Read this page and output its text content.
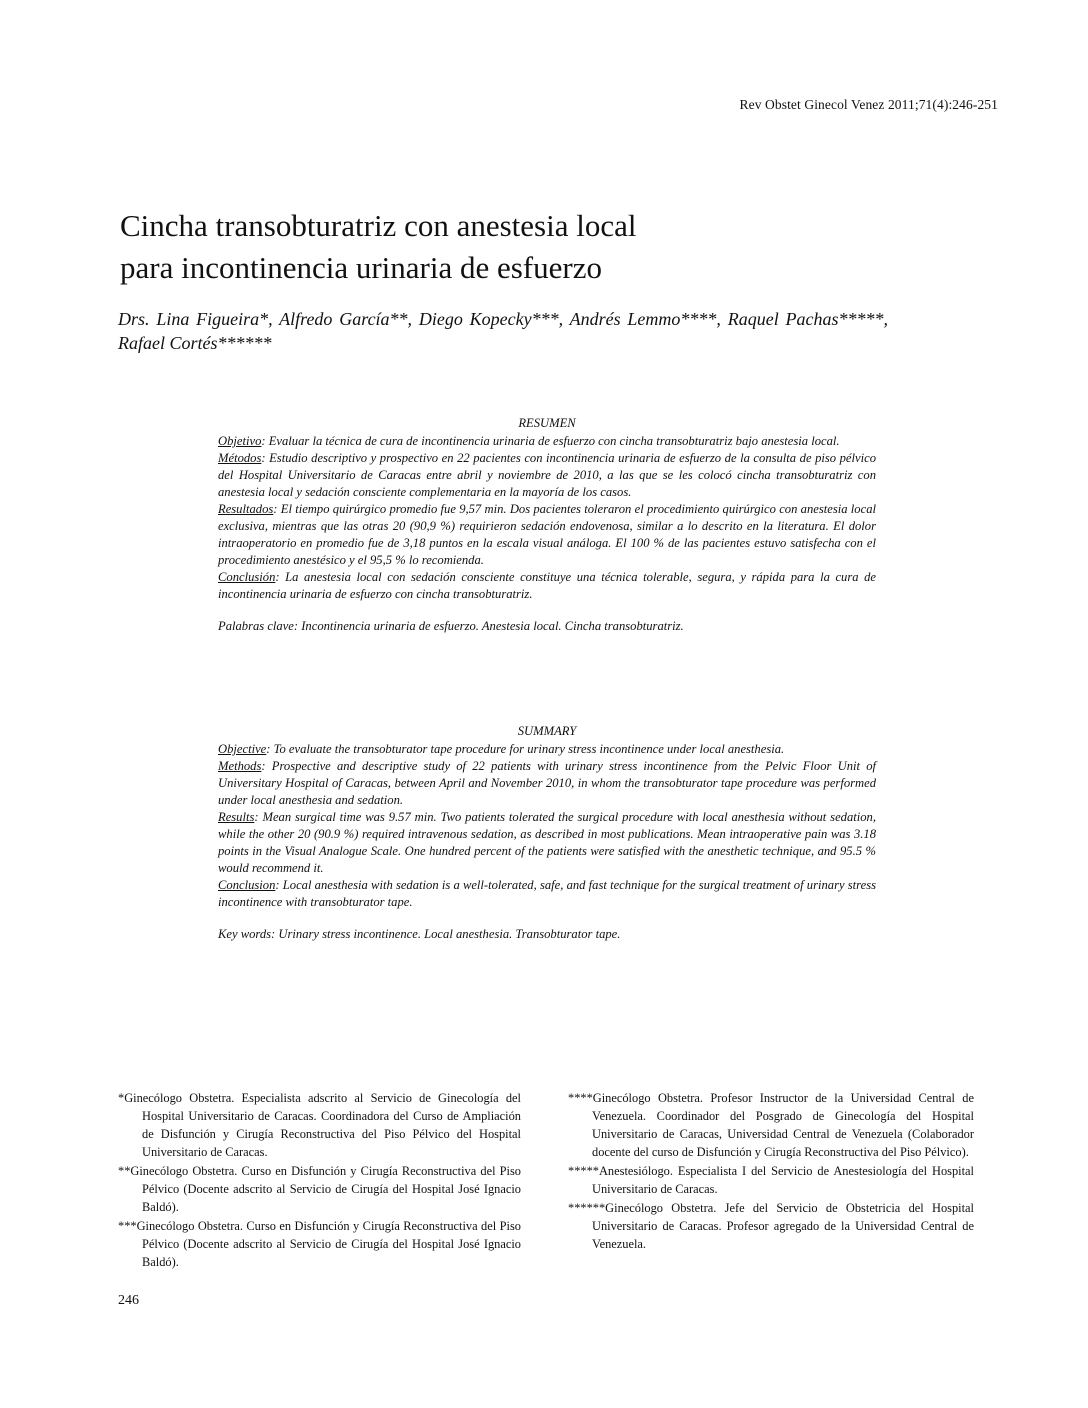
Rev Obstet Ginecol Venez 2011;71(4):246-251
Cincha transobturatriz con anestesia local
para incontinencia urinaria de esfuerzo
Drs. Lina Figueira*, Alfredo García**, Diego Kopecky***, Andrés Lemmo****, Raquel Pachas*****, Rafael Cortés******
RESUMEN

Objetivo: Evaluar la técnica de cura de incontinencia urinaria de esfuerzo con cincha transobturatriz bajo anestesia local.

Métodos: Estudio descriptivo y prospectivo en 22 pacientes con incontinencia urinaria de esfuerzo de la consulta de piso pélvico del Hospital Universitario de Caracas entre abril y noviembre de 2010, a las que se les colocó cincha transobturatriz con anestesia local y sedación consciente complementaria en la mayoría de los casos.

Resultados: El tiempo quirúrgico promedio fue 9,57 min. Dos pacientes toleraron el procedimiento quirúrgico con anestesia local exclusiva, mientras que las otras 20 (90,9 %) requirieron sedación endovenosa, similar a lo descrito en la literatura. El dolor intraoperatorio en promedio fue de 3,18 puntos en la escala visual análoga. El 100 % de las pacientes estuvo satisfecha con el procedimiento anestésico y el 95,5 % lo recomienda.

Conclusión: La anestesia local con sedación consciente constituye una técnica tolerable, segura, y rápida para la cura de incontinencia urinaria de esfuerzo con cincha transobturatriz.

Palabras clave: Incontinencia urinaria de esfuerzo. Anestesia local. Cincha transobturatriz.

SUMMARY

Objective: To evaluate the transobturator tape procedure for urinary stress incontinence under local anesthesia.

Methods: Prospective and descriptive study of 22 patients with urinary stress incontinence from the Pelvic Floor Unit of Universitary Hospital of Caracas, between April and November 2010, in whom the transobturator tape procedure was performed under local anesthesia and sedation.

Results: Mean surgical time was 9.57 min. Two patients tolerated the surgical procedure with local anesthesia without sedation, while the other 20 (90.9 %) required intravenous sedation, as described in most publications. Mean intraoperative pain was 3.18 points in the Visual Analogue Scale. One hundred percent of the patients were satisfied with the anesthetic technique, and 95.5 % would recommend it.

Conclusion: Local anesthesia with sedation is a well-tolerated, safe, and fast technique for the surgical treatment of urinary stress incontinence with transobturator tape.

Key words: Urinary stress incontinence. Local anesthesia. Transobturator tape.

*Ginecólogo Obstetra. Especialista adscrito al Servicio de Ginecología del Hospital Universitario de Caracas. Coordinadora del Curso de Ampliación de Disfunción y Cirugía Reconstructiva del Piso Pélvico del Hospital Universitario de Caracas.

**Ginecólogo Obstetra. Curso en Disfunción y Cirugía Reconstructiva del Piso Pélvico (Docente adscrito al Servicio de Cirugía del Hospital José Ignacio Baldó).

***Ginecólogo Obstetra. Curso en Disfunción y Cirugía Reconstructiva del Piso Pélvico (Docente adscrito al Servicio de Cirugía del Hospital José Ignacio Baldó).

****Ginecólogo Obstetra. Profesor Instructor de la Universidad Central de Venezuela. Coordinador del Posgrado de Ginecología del Hospital Universitario de Caracas, Universidad Central de Venezuela (Colaborador docente del curso de Disfunción y Cirugía Reconstructiva del Piso Pélvico).

*****Anestesiólogo. Especialista I del Servicio de Anestesiología del Hospital Universitario de Caracas.

******Ginecólogo Obstetra. Jefe del Servicio de Obstetricia del Hospital Universitario de Caracas. Profesor agregado de la Universidad Central de Venezuela.

246
